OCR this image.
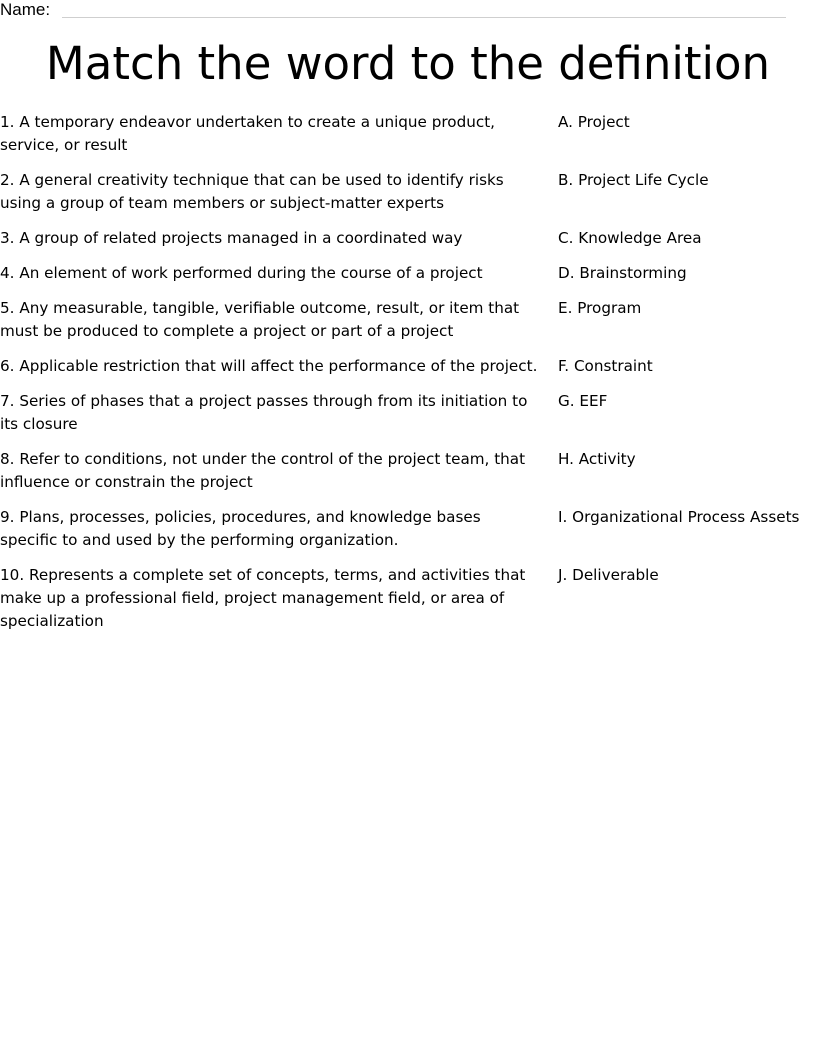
Name:
Match the word to the definition
1. A temporary endeavor undertaken to create a unique product, service, or result
A. Project
2. A general creativity technique that can be used to identify risks using a group of team members or subject-matter experts
B. Project Life Cycle
3. A group of related projects managed in a coordinated way	C. Knowledge Area
4. An element of work performed during the course of a project	D. Brainstorming
5. Any measurable, tangible, verifiable outcome, result, or item that must be produced to complete a project or part of a project
E. Program
6. Applicable restriction that will affect the performance of the project. F. Constraint
7. Series of phases that a project passes through from its initiation to its closure
G. EEF
8. Refer to conditions, not under the control of the project team, that influence or constrain the project
H. Activity
9. Plans, processes, policies, procedures, and knowledge bases specific to and used by the performing organization.
I. Organizational Process Assets
10. Represents a complete set of concepts, terms, and activities that make up a professional field, project management field, or area of specialization
J. Deliverable
